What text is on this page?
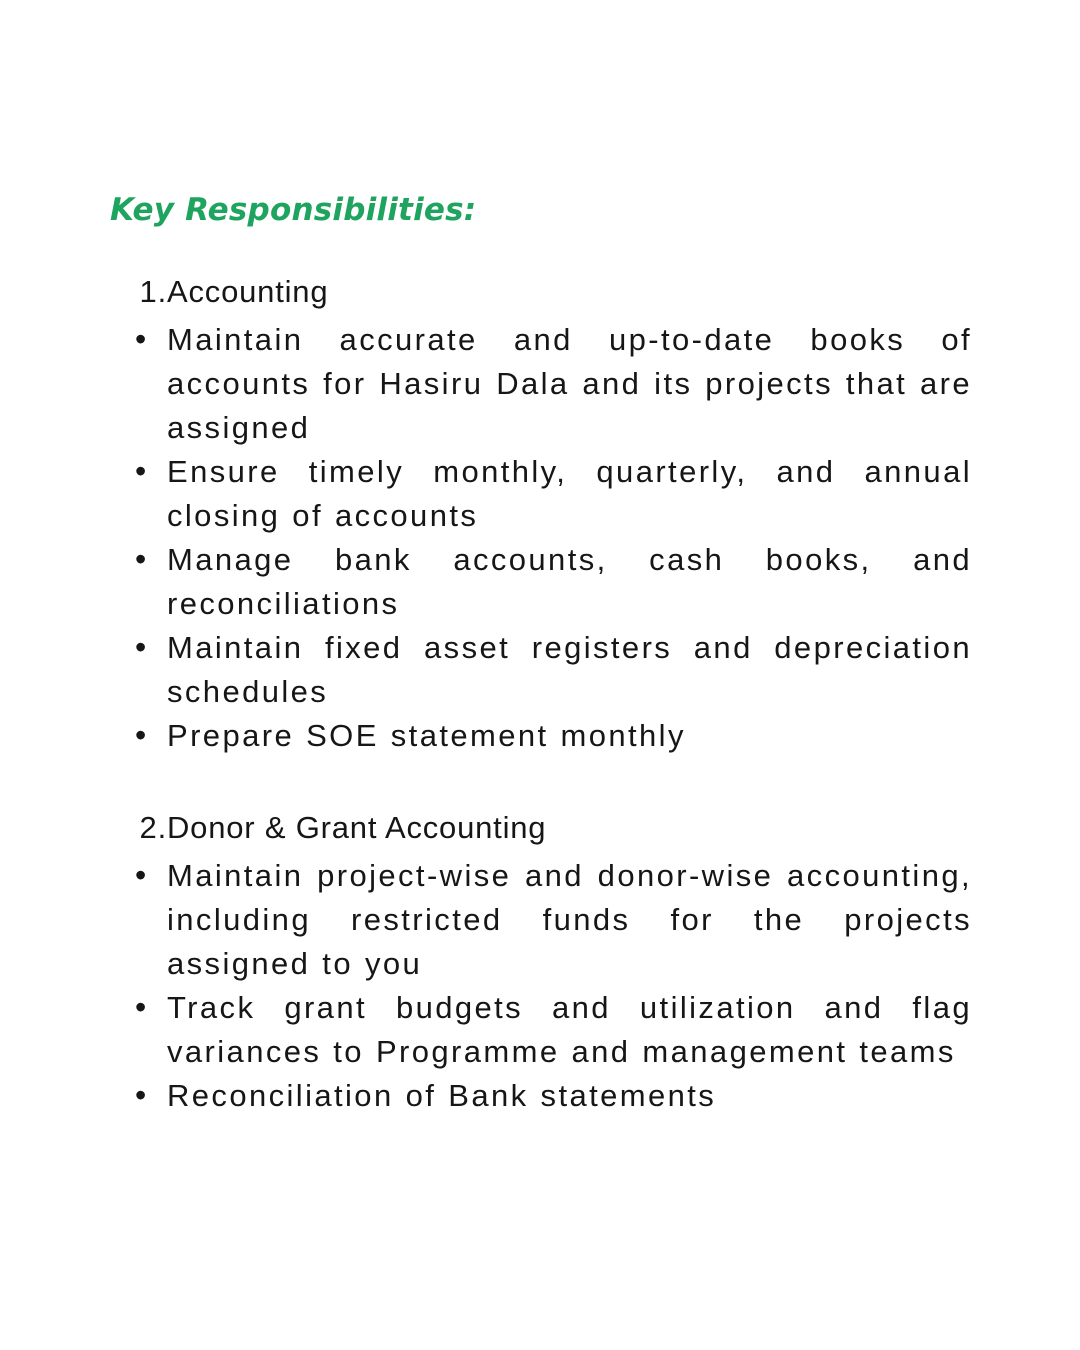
Key Responsibilities:
1. Accounting
• Maintain accurate and up-to-date books of accounts for Hasiru Dala and its projects that are assigned
• Ensure timely monthly, quarterly, and annual closing of accounts
• Manage bank accounts, cash books, and reconciliations
• Maintain fixed asset registers and depreciation schedules
• Prepare SOE statement monthly
2. Donor & Grant Accounting
• Maintain project-wise and donor-wise accounting, including restricted funds for the projects assigned to you
• Track grant budgets and utilization and flag variances to Programme and management teams
• Reconciliation of Bank statements
